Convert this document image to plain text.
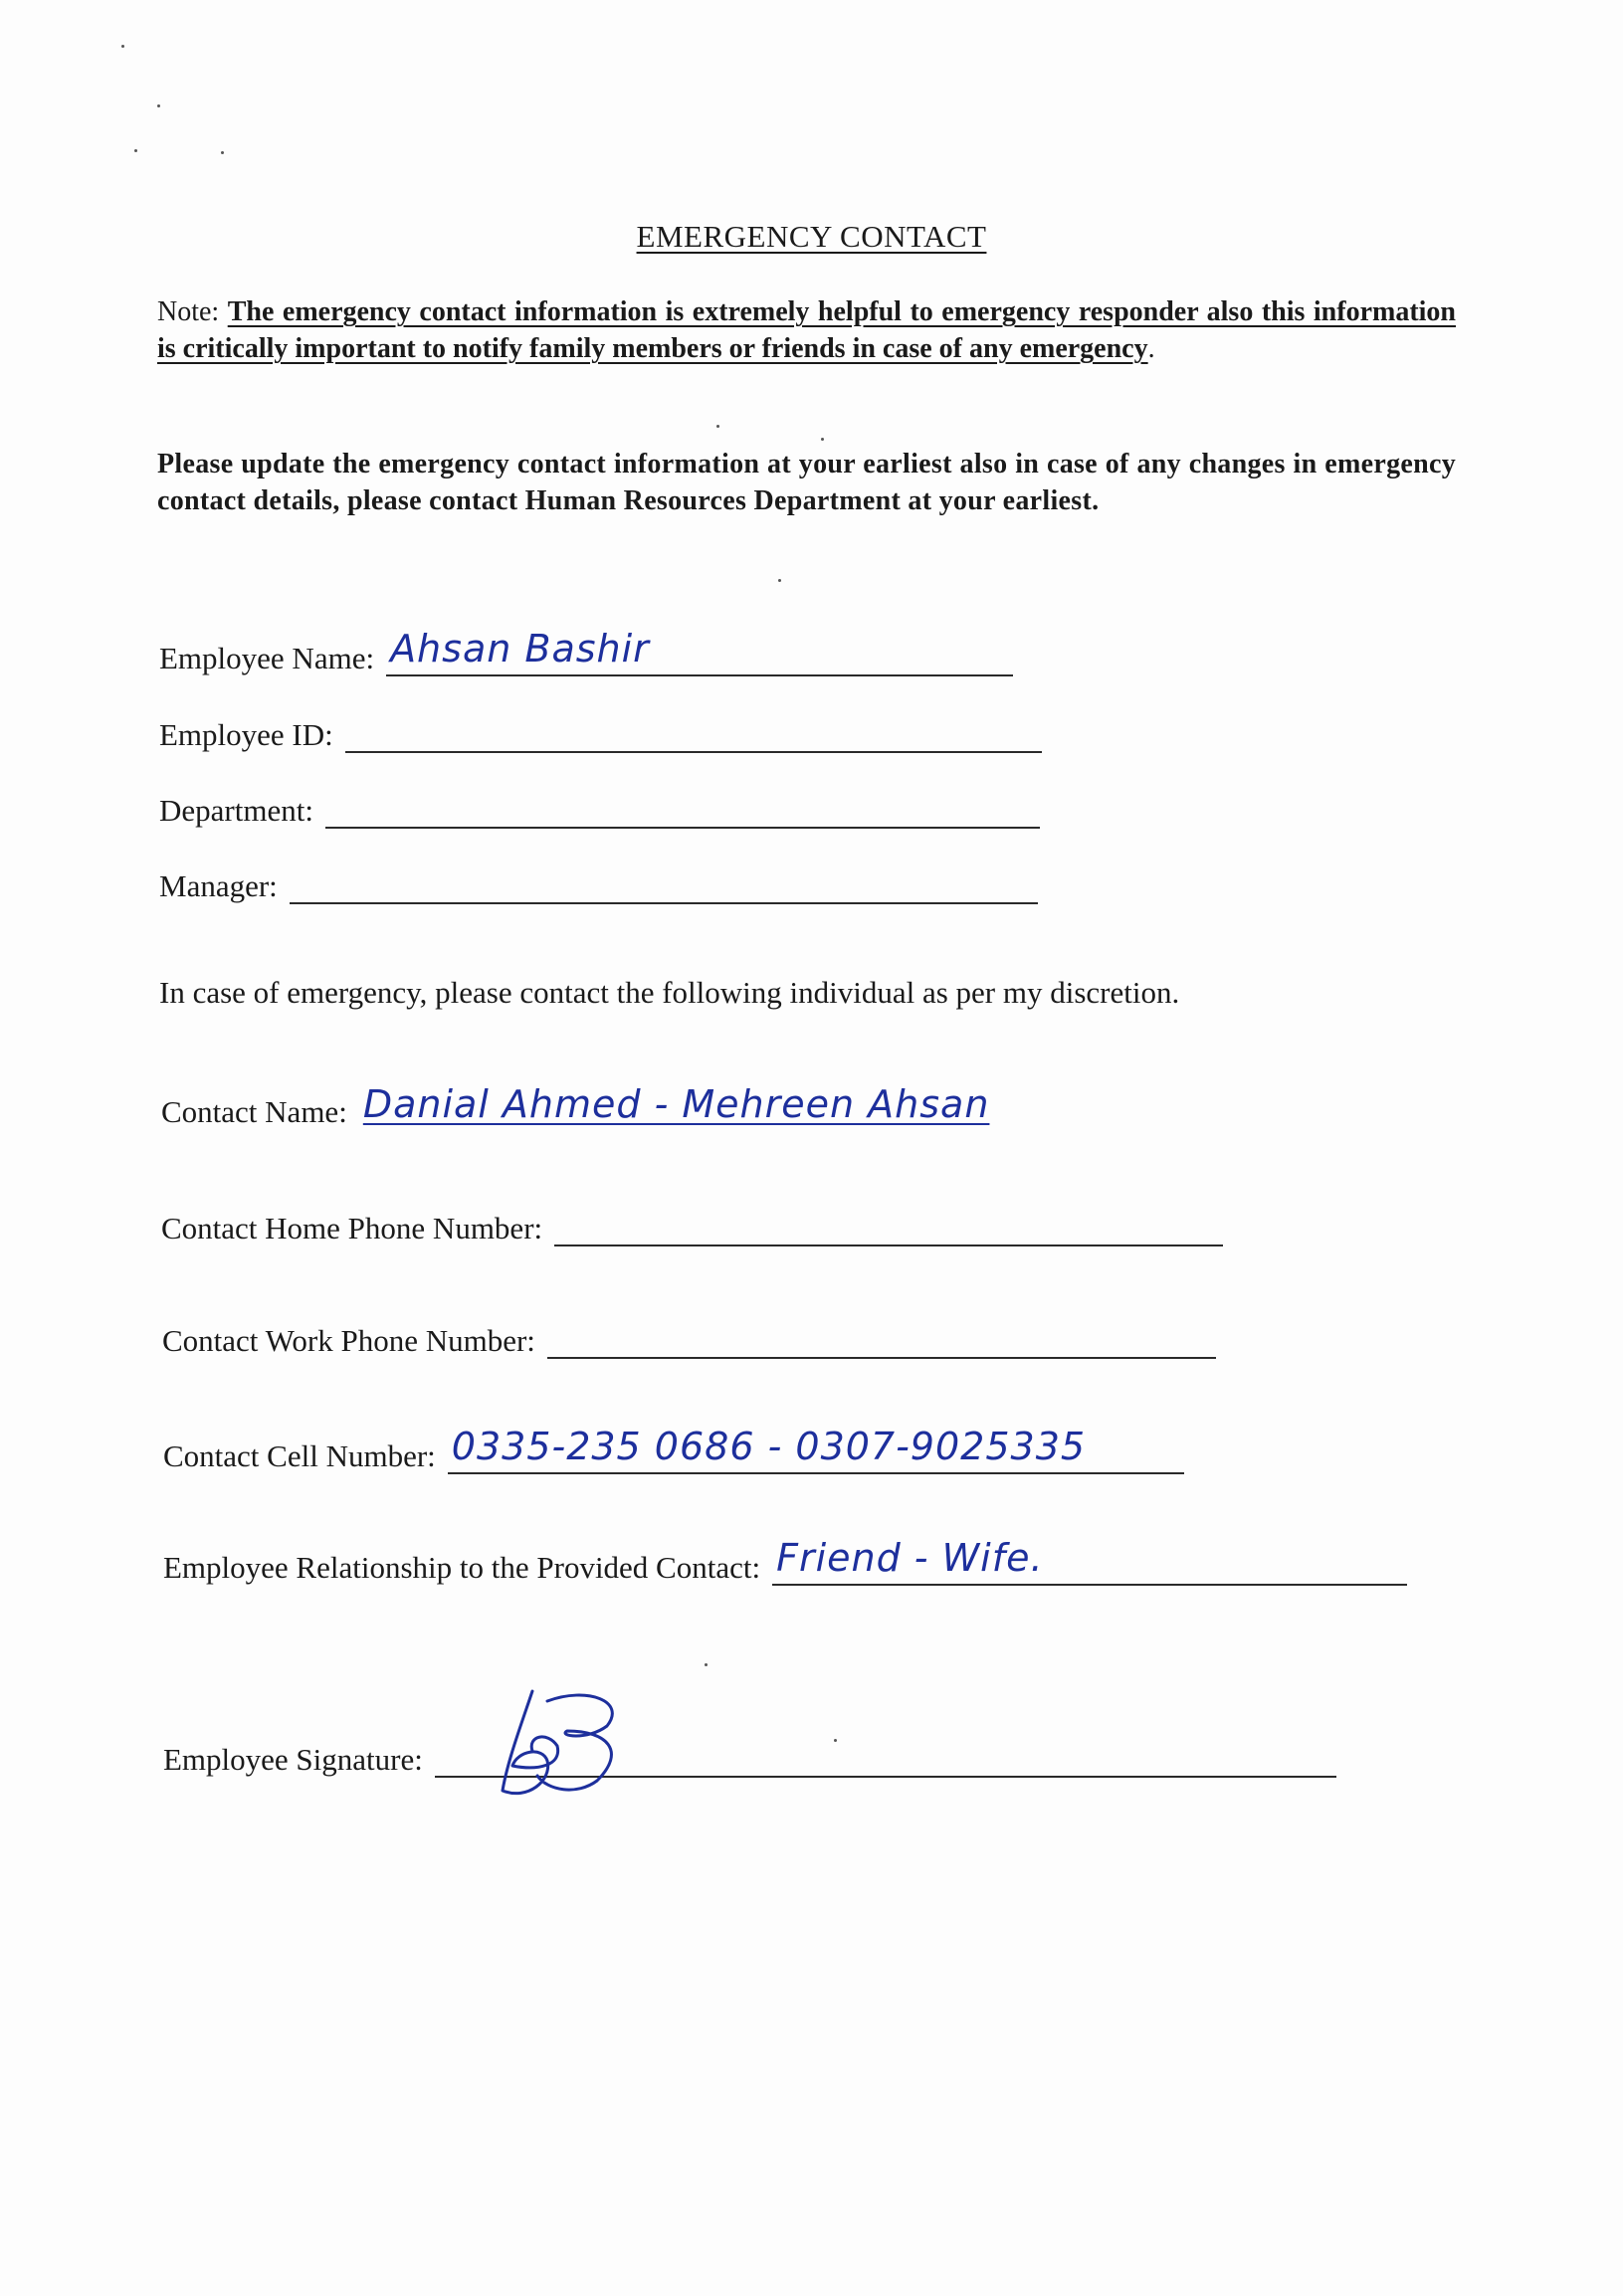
EMERGENCY CONTACT
Note: The emergency contact information is extremely helpful to emergency responder also this information is critically important to notify family members or friends in case of any emergency.
Please update the emergency contact information at your earliest also in case of any changes in emergency contact details, please contact Human Resources Department at your earliest.
Employee Name: Ahsan Bashir
Employee ID:
Department:
Manager:
In case of emergency, please contact the following individual as per my discretion.
Contact Name: Danial Ahmed - Mehreen Ahsan
Contact Home Phone Number:
Contact Work Phone Number:
Contact Cell Number: 0335-235 0686 - 0307-9025335
Employee Relationship to the Provided Contact: Friend - Wife.
Employee Signature:
